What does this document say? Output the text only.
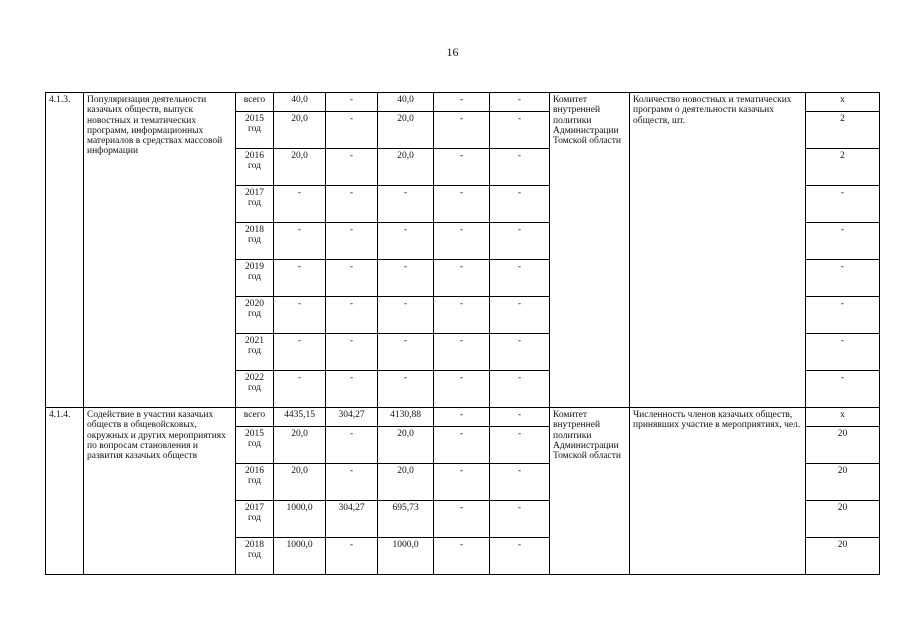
16
4.1.3.	Популяризация деятельности казачьих обществ, выпуск новостных и тематических программ, информационных материалов в средствах массовой информации	всего	40,0	-	40,0	-	-	Комитет внутренней политики Администрации Томской области	Количество новостных и тематических программ о деятельности казачьих обществ, шт.	x
		2015 год	20,0	-	20,0	-	-			2
		2016 год	20,0	-	20,0	-	-			2
		2017 год	-	-	-	-	-			-
		2018 год	-	-	-	-	-			-
		2019 год	-	-	-	-	-			-
		2020 год	-	-	-	-	-			-
		2021 год	-	-	-	-	-			-
		2022 год	-	-	-	-	-			-
4.1.4.	Содействие в участии казачьих обществ в общевойсковых, окружных и других мероприятиях по вопросам становления и развития казачьих обществ	всего	4435,15	304,27	4130,88	-	-	Комитет внутренней политики Администрации Томской области	Численность членов казачьих обществ, принявших участие в мероприятиях, чел.	x
		2015 год	20,0	-	20,0	-	-			20
		2016 год	20,0	-	20,0	-	-			20
		2017 год	1000,0	304,27	695,73	-	-			20
		2018 год	1000,0	-	1000,0	-	-			20
